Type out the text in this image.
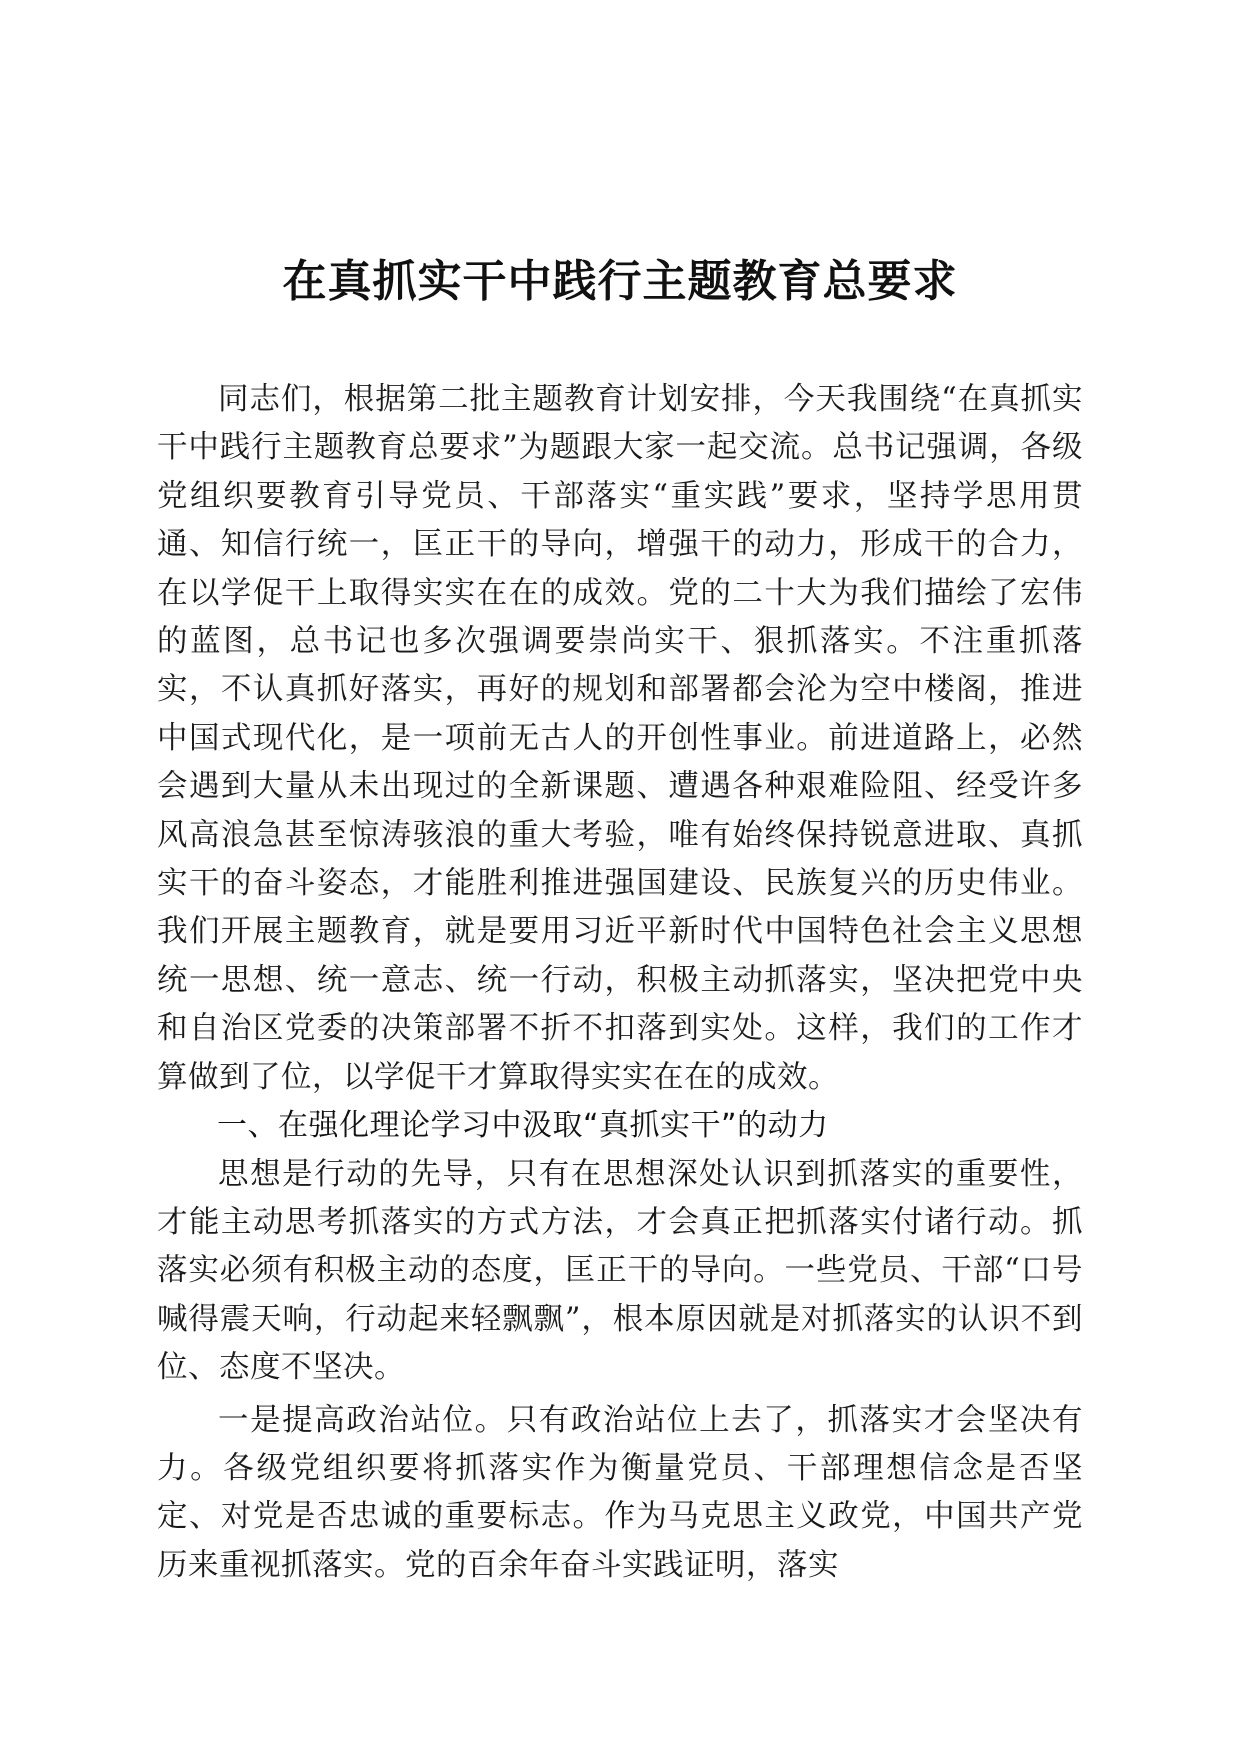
在真抓实干中践行主题教育总要求

同志们，根据第二批主题教育计划安排，今天我围绕“在真抓实干中践行主题教育总要求”为题跟大家一起交流。总书记强调，各级党组织要教育引导党员、干部落实“重实践”要求，坚持学思用贯通、知信行统一，匡正干的导向，增强干的动力，形成干的合力，在以学促干上取得实实在在的成效。党的二十大为我们描绘了宏伟的蓝图，总书记也多次强调要崇尚实干、狠抓落实。不注重抓落实，不认真抓好落实，再好的规划和部署都会沦为空中楼阁，推进中国式现代化，是一项前无古人的开创性事业。前进道路上，必然会遇到大量从未出现过的全新课题、遭遇各种艰难险阻、经受许多风高浪急甚至惊涛骇浪的重大考验，唯有始终保持锐意进取、真抓实干的奋斗姿态，才能胜利推进强国建设、民族复兴的历史伟业。我们开展主题教育，就是要用习近平新时代中国特色社会主义思想统一思想、统一意志、统一行动，积极主动抓落实，坚决把党中央和自治区党委的决策部署不折不扣落到实处。这样，我们的工作才算做到了位，以学促干才算取得实实在在的成效。

一、在强化理论学习中汲取“真抓实干”的动力

思想是行动的先导，只有在思想深处认识到抓落实的重要性，才能主动思考抓落实的方式方法，才会真正把抓落实付诸行动。抓落实必须有积极主动的态度，匡正干的导向。一些党员、干部“口号喊得震天响，行动起来轻飘飘”，根本原因就是对抓落实的认识不到位、态度不坚决。

一是提高政治站位。只有政治站位上去了，抓落实才会坚决有力。各级党组织要将抓落实作为衡量党员、干部理想信念是否坚定、对党是否忠诚的重要标志。作为马克思主义政党，中国共产党历来重视抓落实。党的百余年奋斗实践证明，落实
